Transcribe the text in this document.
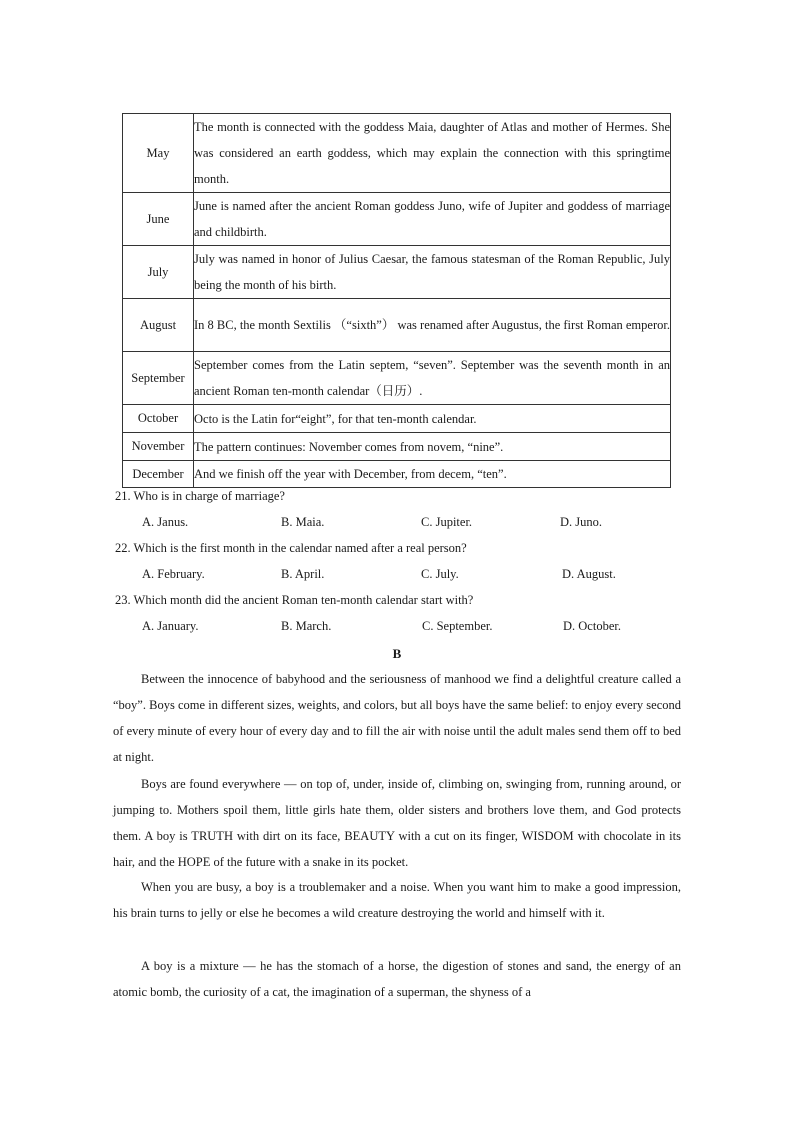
May	The month is connected with the goddess Maia, daughter of Atlas and mother of Hermes. She was considered an earth goddess, which may explain the connection with this springtime month.
June	June is named after the ancient Roman goddess Juno, wife of Jupiter and goddess of marriage and childbirth.
July	July was named in honor of Julius Caesar, the famous statesman of the Roman Republic, July being the month of his birth.
August	In 8 BC, the month Sextilis （“sixth”） was renamed after Augustus, the first Roman emperor.
September	September comes from the Latin septem, “seven”. September was the seventh month in an ancient Roman ten-month calendar（日历）.
October	Octo is the Latin for“eight”, for that ten-month calendar.
November	The pattern continues: November comes from novem, “nine”.
December	And we finish off the year with December, from decem, “ten”.
21. Who is in charge of marriage?
A. Janus.	B. Maia.	C. Jupiter.	D. Juno.
22. Which is the first month in the calendar named after a real person?
A. February.	B. April.	C. July.	D. August.
23. Which month did the ancient Roman ten-month calendar start with?
A. January.	B. March.	C. September.	D. October.
B

Between the innocence of babyhood and the seriousness of manhood we find a delightful creature called a “boy”. Boys come in different sizes, weights, and colors, but all boys have the same belief: to enjoy every second of every minute of every hour of every day and to fill the air with noise until the adult males send them off to bed at night.

Boys are found everywhere — on top of, under, inside of, climbing on, swinging from, running around, or jumping to. Mothers spoil them, little girls hate them, older sisters and brothers love them, and God protects them. A boy is TRUTH with dirt on its face, BEAUTY with a cut on its finger, WISDOM with chocolate in its hair, and the HOPE of the future with a snake in its pocket.

When you are busy, a boy is a troublemaker and a noise. When you want him to make a good impression, his brain turns to jelly or else he becomes a wild creature destroying the world and himself with it.

A boy is a mixture — he has the stomach of a horse, the digestion of stones and sand, the energy of an atomic bomb, the curiosity of a cat, the imagination of a superman, the shyness of a
